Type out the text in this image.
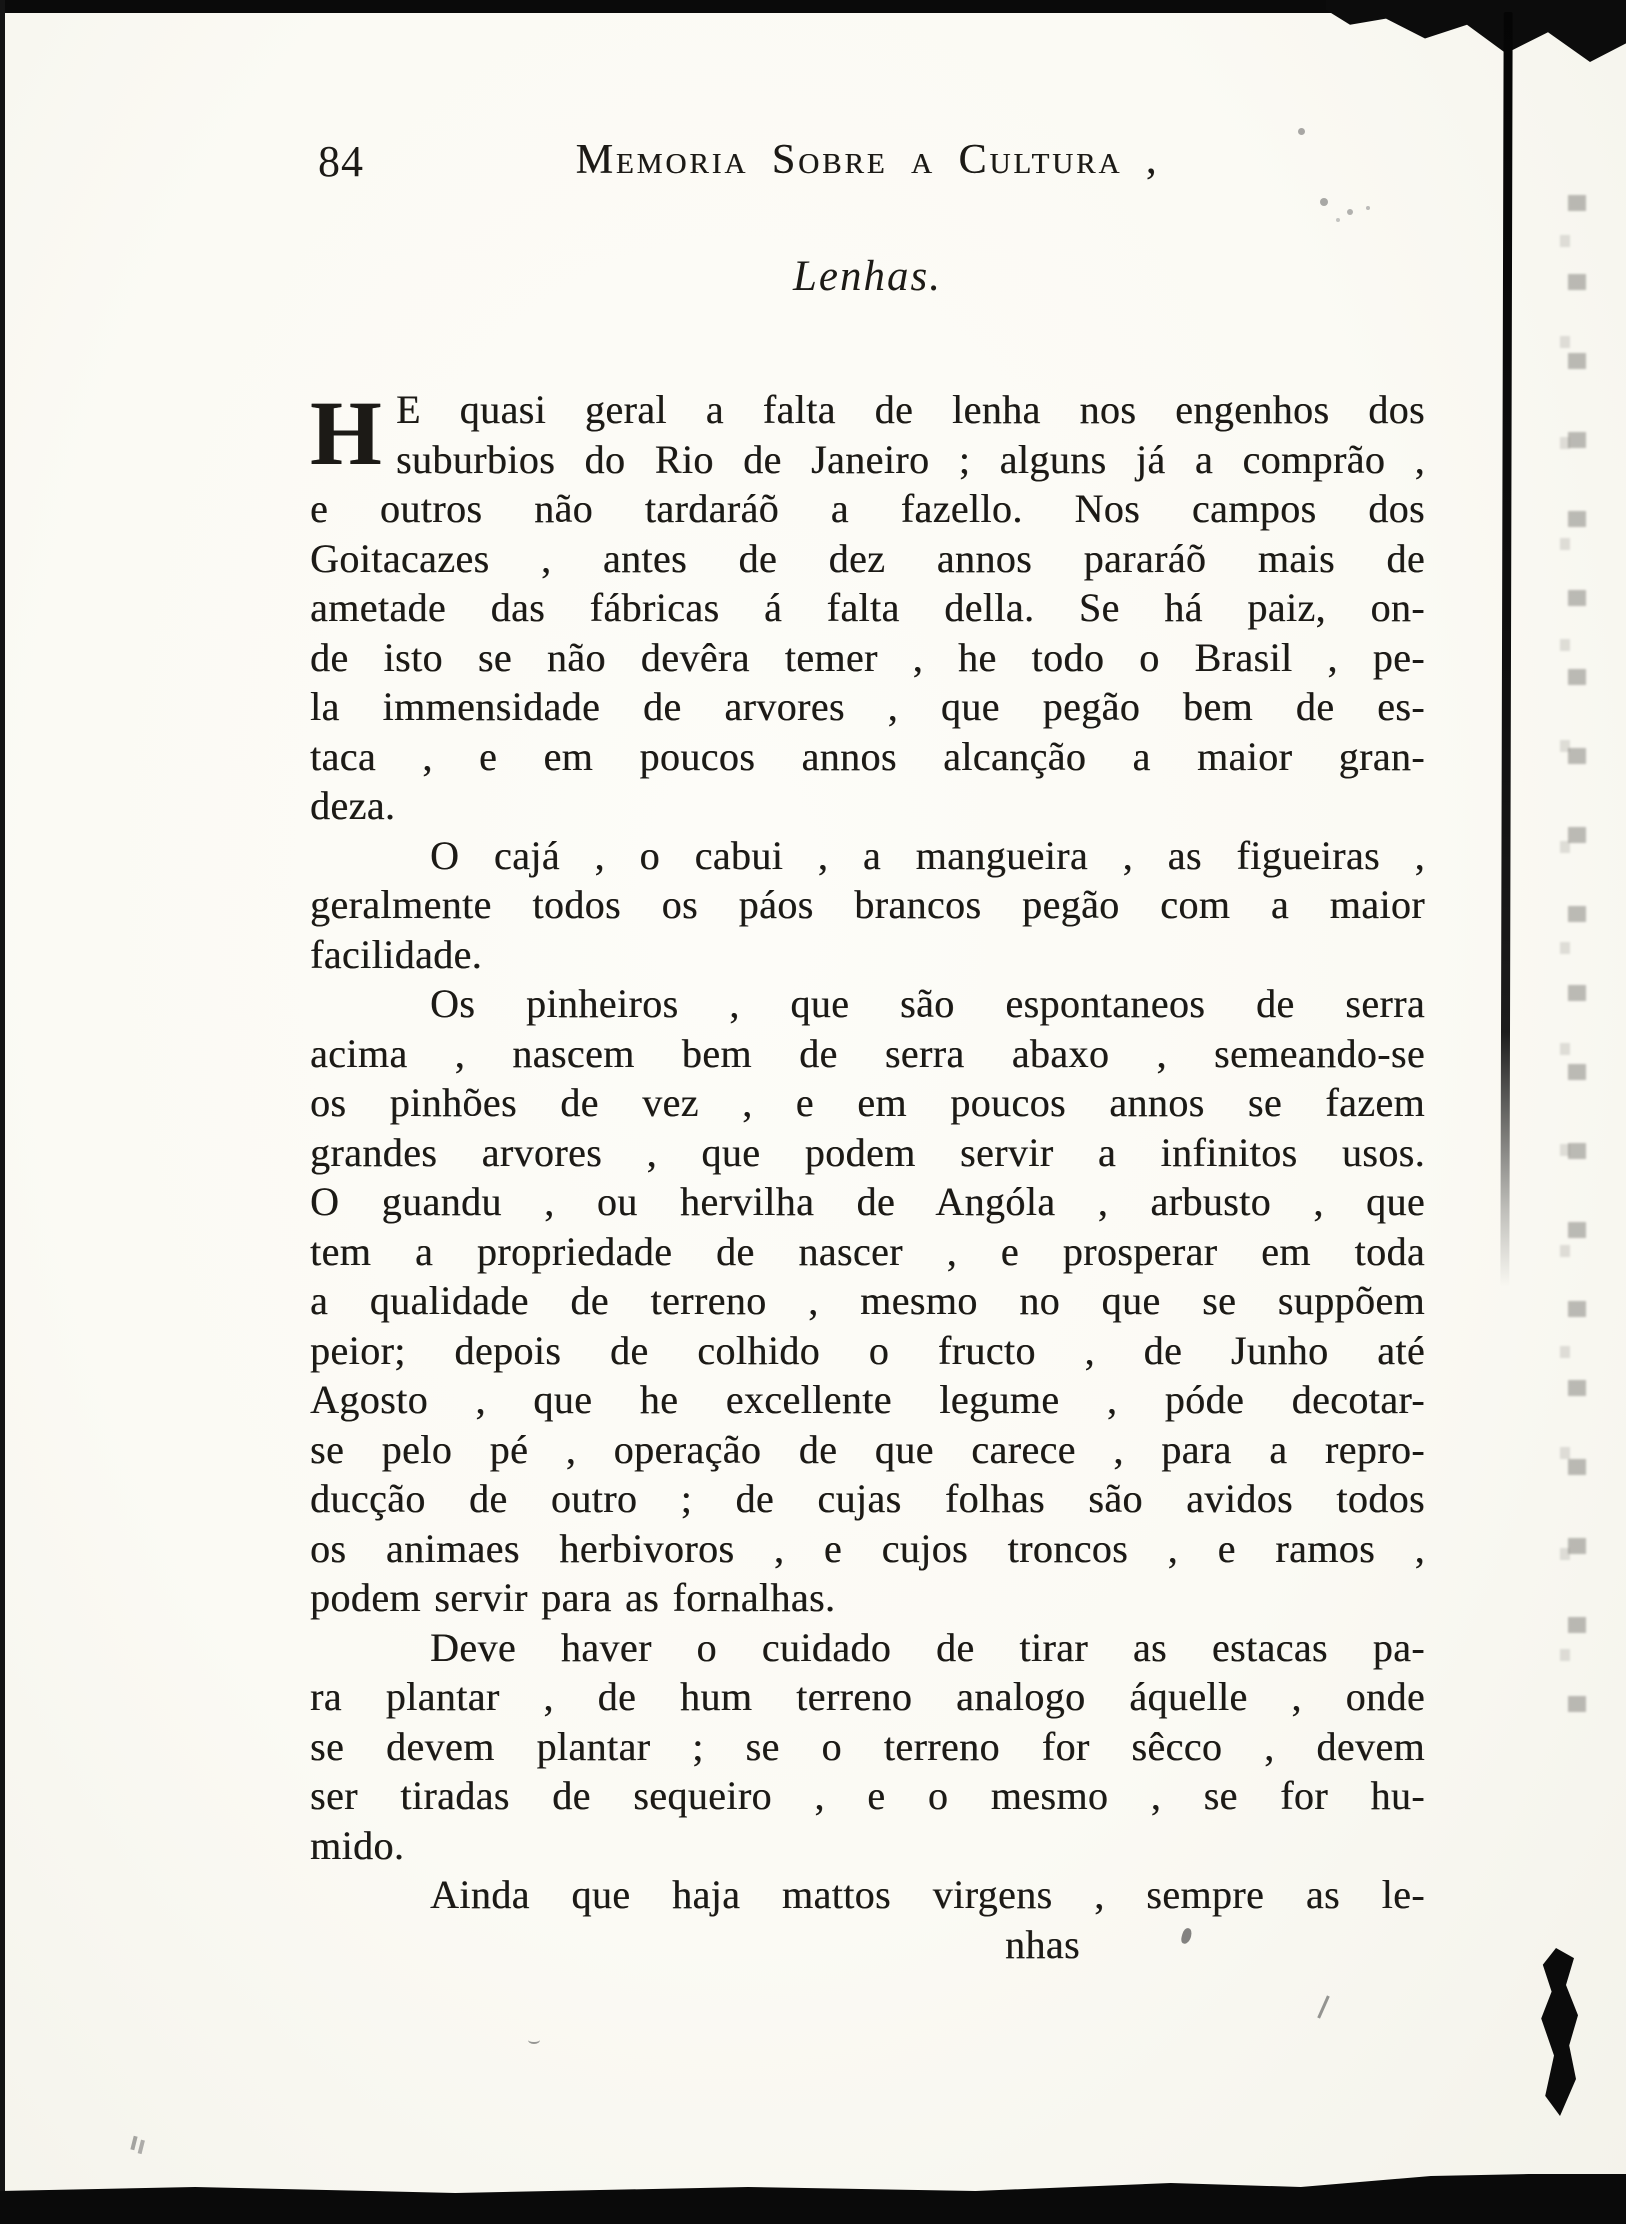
84	Memoria Sobre a Cultura ,
Lenhas.
H E quasi geral a falta de lenha nos engenhos dos
suburbios do Rio de Janeiro ; alguns já a comprão ,
e outros não tardaráõ a fazello. Nos campos dos
Goitacazes , antes de dez annos pararáõ mais de
ametade das fábricas á falta della. Se há paiz, on-
de isto se não devêra temer , he todo o Brasil , pe-
la immensidade de arvores , que pegão bem de es-
taca , e em poucos annos alcanção a maior gran-
deza.
O cajá , o cabui , a mangueira , as figueiras ,
geralmente todos os páos brancos pegão com a maior
facilidade.
Os pinheiros , que são espontaneos de serra
acima , nascem bem de serra abaxo , semeando-se
os pinhões de vez , e em poucos annos se fazem
grandes arvores , que podem servir a infinitos usos.
O guandu , ou hervilha de Angóla , arbusto , que
tem a propriedade de nascer , e prosperar em toda
a qualidade de terreno , mesmo no que se suppõem
peior; depois de colhido o fructo , de Junho até
Agosto , que he excellente legume , póde decotar-
se pelo pé , operação de que carece , para a repro-
ducção de outro ; de cujas folhas são avidos todos
os animaes herbivoros , e cujos troncos , e ramos ,
podem servir para as fornalhas.
Deve haver o cuidado de tirar as estacas pa-
ra plantar , de hum terreno analogo áquelle , onde
se devem plantar ; se o terreno for sêcco , devem
ser tiradas de sequeiro , e o mesmo , se for hu-
mido.
Ainda que haja mattos virgens , sempre as le-
nhas
